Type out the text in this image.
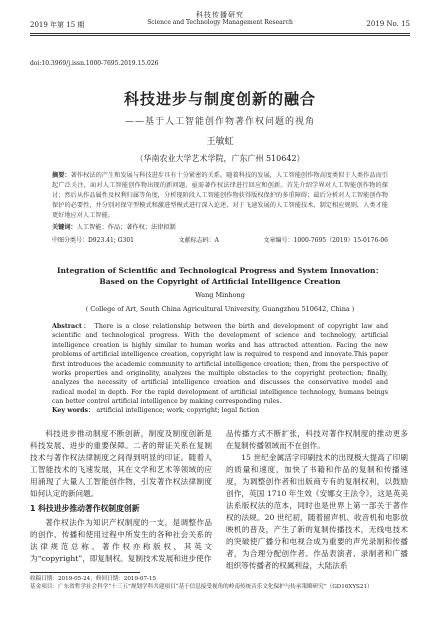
2019 年第 15 期
科技传播研究
Science and Technology Management Research	2019 No. 15
doi:10.3969/j.issn.1000-7695.2019.15.026
科技进步与制度创新的融合
——基于人工智能创作物著作权问题的视角
王敏虹
（华南农业大学艺术学院，广东广州 510642）
摘要：著作权法的产生和发展与科技进步具有十分紧密的关系。随着科技的发展，人工智能创作物高度类似于人类作品而引起广泛关注，面对人工智能创作物出现的新问题，亟需著作权法律进行回应和创新。首先介绍学界对人工智能创作物的探讨；然后从作品属性及权利归属等角度，分析现阶段人工智能创作物获得版权保护的多重障碍；最后分析对人工智能创作物保护的必要性，并分别对保守型模式和激进型模式进行深入论述，对于飞速发展的人工智能技术，制定相应规则，人类才能更好地应对人工智能。
关键词：人工智能；作品；著作权；法律拟制
中图分类号：D923.41; G301	文献标志码：A	文章编号：1000-7695（2019）15-0176-06
Integration of Scientific and Technological Progress and System Innovation：
Based on the Copyright of Artificial Intelligence Creation
Wang Minhong
( College of Art, South China Agricultural University, Guangzhou 510642, China )
Abstract： There is a close relationship between the birth and development of copyright law and scientific and technological progress. With the development of science and technology, artificial intelligence creation is highly similar to human works and has attracted attention. Facing the new problems of artificial intelligence creation, copyright law is required to respond and innovate.This paper first introduces the academic community to artificial intelligence creation; then, from the perspective of works properties and originality, analyzes the multiple obstacles to the copyright protection; finally, analyzes the necessity of artificial intelligence creation and discusses the conservative model and radical model in depth. For the rapid development of artificial intelligence technology, humans beings can better control artificial intelligence by making corresponding rules.
Key words： artificial intelligence; work; copyright; legal fiction

科技进步推动制度不断创新，制度及制度创新是科技发展、进步的重要保障。二者的辩证关系在复制技术与著作权法律制度之间得到明显的印证。随着人工智能技术的飞速发展，其在文学和艺术等领域的应用涌现了大量人工智能创作物，引发著作权法律制度如何认定的新问题。

1 科技进步推动著作权制度创新

著作权法作为知识产权制度的一支，是调整作品的创作、传播和使用过程中所发生的各种社会关系的法律规范总称。著作权亦称版权，其英文为“copyright”，即复制权。复制技术发展和进步使作

品传播方式不断扩张，科技对著作权制度的推动更多在复制传播领域而不在创作。

15 世纪金属活字印刷技术的出现极大提高了印刷的质量和速度，加快了书籍和作品的复制和传播速度，为调整创作者和出版商专有的复制权利，以鼓励创作，英国 1710 年生效《安娜女王法令》，这是英美法系版权法的范本，同时也是世界上第一部关于著作权的法规。20 世纪初，随着留声机、收音机和电影放映机的普及，产生了新的复制传播技术，无线电技术的突破使广播分和电视合成为重要的声光录制和传播者，为合理分配创作者、作品表演者、录制者和广播组织等传播者的权属利益，大陆法系

收稿日期：2019-05-24，修回日期：2019-07-15
基金项目：广东省哲学社会科学“十三五”规划学科共建项目“基于信息接受视角的岭南传统音乐文化保护与传承策略研究”（GD16XYS21）
